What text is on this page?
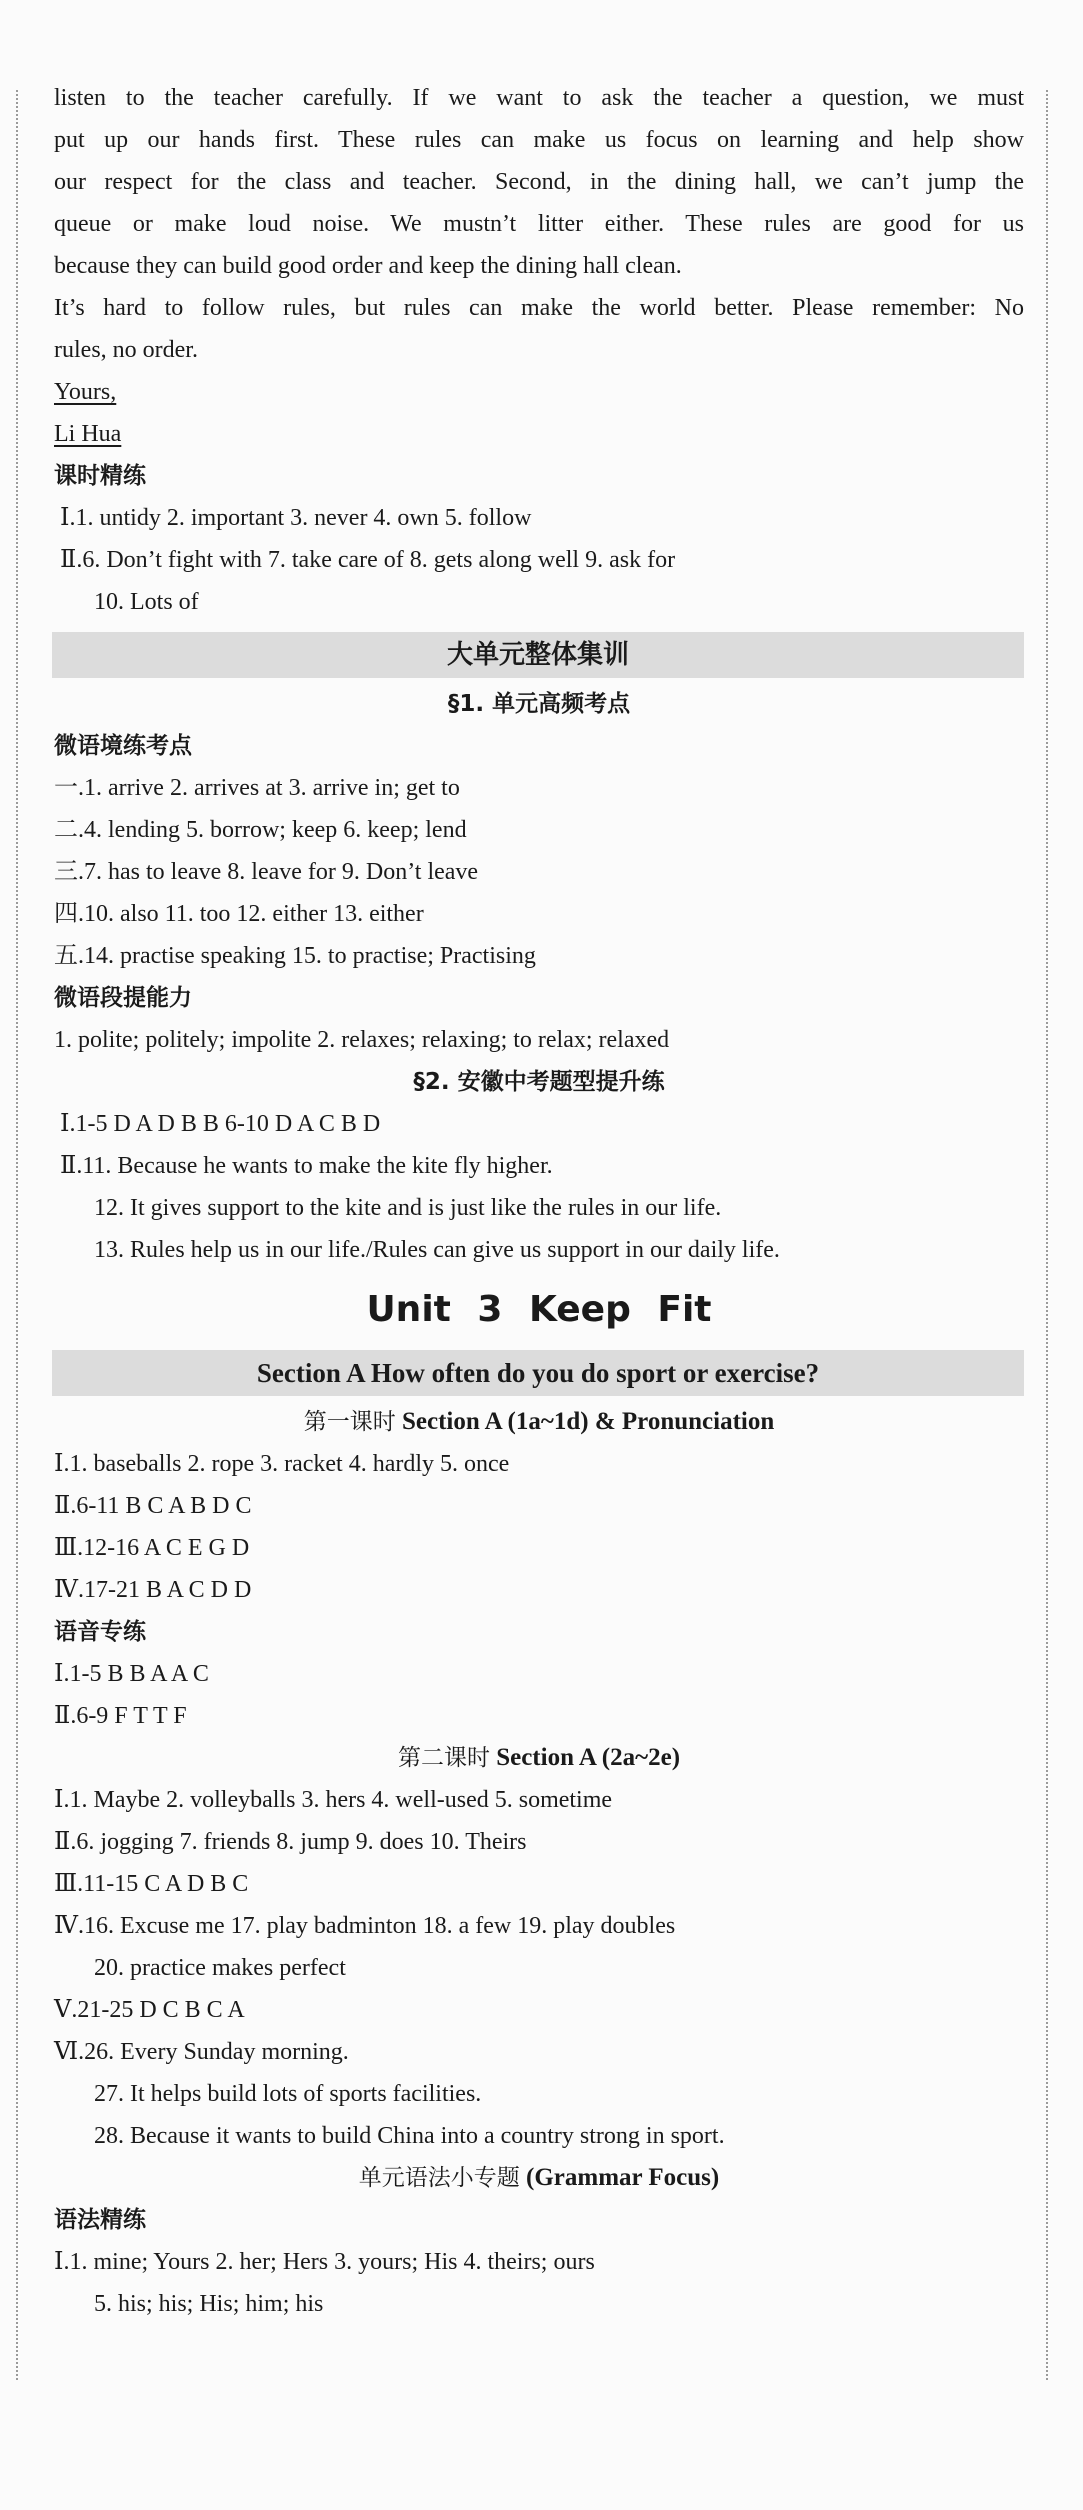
listen to the teacher carefully. If we want to ask the teacher a question, we must
put up our hands first. These rules can make us focus on learning and help show
our respect for the class and teacher. Second, in the dining hall, we can’t jump the
queue or make loud noise. We mustn’t litter either. These rules are good for us
because they can build good order and keep the dining hall clean.
It’s hard to follow rules, but rules can make the world better. Please remember: No
rules, no order.
Yours,
Li Hua
课时精练
Ⅰ.1. untidy 2. important 3. never 4. own 5. follow
Ⅱ.6. Don’t fight with 7. take care of 8. gets along well 9. ask for
10. Lots of
大单元整体集训
§1. 单元高频考点
微语境练考点
一.1. arrive 2. arrives at 3. arrive in; get to
二.4. lending 5. borrow; keep 6. keep; lend
三.7. has to leave 8. leave for 9. Don’t leave
四.10. also 11. too 12. either 13. either
五.14. practise speaking 15. to practise; Practising
微语段提能力
1. polite; politely; impolite 2. relaxes; relaxing; to relax; relaxed
§2. 安徽中考题型提升练
Ⅰ.1-5 D A D B B 6-10 D A C B D
Ⅱ.11. Because he wants to make the kite fly higher.
12. It gives support to the kite and is just like the rules in our life.
13. Rules help us in our life./Rules can give us support in our daily life.
Unit 3 Keep Fit
Section A How often do you do sport or exercise?
第一课时 Section A (1a~1d) & Pronunciation
Ⅰ.1. baseballs 2. rope 3. racket 4. hardly 5. once
Ⅱ.6-11 B C A B D C
Ⅲ.12-16 A C E G D
Ⅳ.17-21 B A C D D
语音专练
Ⅰ.1-5 B B A A C
Ⅱ.6-9 F T T F
第二课时 Section A (2a~2e)
Ⅰ.1. Maybe 2. volleyballs 3. hers 4. well-used 5. sometime
Ⅱ.6. jogging 7. friends 8. jump 9. does 10. Theirs
Ⅲ.11-15 C A D B C
Ⅳ.16. Excuse me 17. play badminton 18. a few 19. play doubles
20. practice makes perfect
Ⅴ.21-25 D C B C A
Ⅵ.26. Every Sunday morning.
27. It helps build lots of sports facilities.
28. Because it wants to build China into a country strong in sport.
单元语法小专题 (Grammar Focus)
语法精练
Ⅰ.1. mine; Yours 2. her; Hers 3. yours; His 4. theirs; ours
5. his; his; His; him; his
